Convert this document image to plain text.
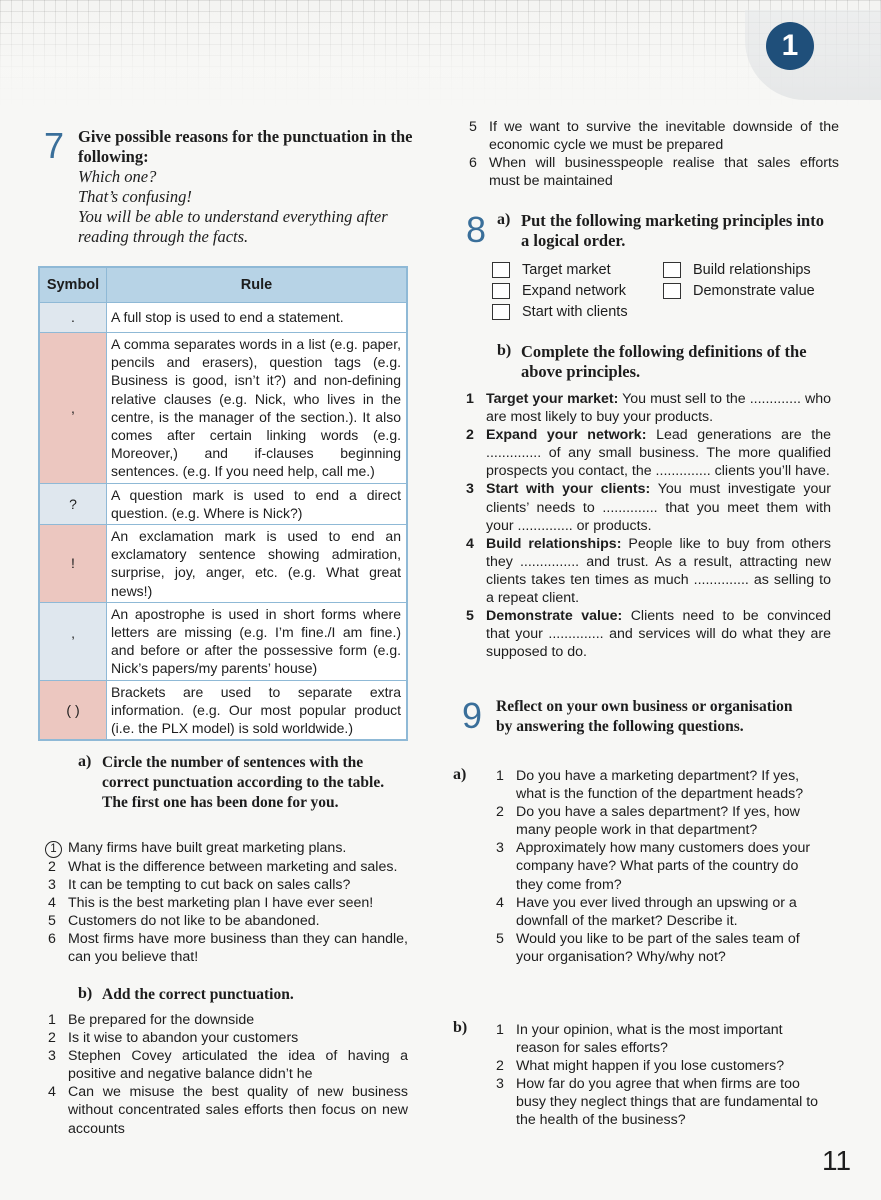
1
7 Give possible reasons for the punctuation in the following:
Which one?
That’s confusing!
You will be able to understand everything after reading through the facts.
Symbol	Rule
.	A full stop is used to end a statement.
,	A comma separates words in a list (e.g. paper, pencils and erasers), question tags (e.g. Business is good, isn’t it?) and non-defining relative clauses (e.g. Nick, who lives in the centre, is the manager of the section.). It also comes after certain linking words (e.g. Moreover,) and if-clauses beginning sentences. (e.g. If you need help, call me.)
?	A question mark is used to end a direct question. (e.g. Where is Nick?)
!	An exclamation mark is used to end an exclamatory sentence showing admiration, surprise, joy, anger, etc. (e.g. What great news!)
’	An apostrophe is used in short forms where letters are missing (e.g. I’m fine./I am fine.) and before or after the possessive form (e.g. Nick’s papers/my parents’ house)
( )	Brackets are used to separate extra information. (e.g. Our most popular product (i.e. the PLX model) is sold worldwide.)
a) Circle the number of sentences with the correct punctuation according to the table. The first one has been done for you.
1 Many firms have built great marketing plans.
2 What is the difference between marketing and sales.
3 It can be tempting to cut back on sales calls?
4 This is the best marketing plan I have ever seen!
5 Customers do not like to be abandoned.
6 Most firms have more business than they can handle, can you believe that!
b) Add the correct punctuation.
1 Be prepared for the downside
2 Is it wise to abandon your customers
3 Stephen Covey articulated the idea of having a positive and negative balance didn’t he
4 Can we misuse the best quality of new business without concentrated sales efforts then focus on new accounts
5 If we want to survive the inevitable downside of the economic cycle we must be prepared
6 When will businesspeople realise that sales efforts must be maintained
8 a) Put the following marketing principles into a logical order.
Target market
Expand network
Start with clients
Build relationships
Demonstrate value
b) Complete the following definitions of the above principles.
1 Target your market: You must sell to the ............. who are most likely to buy your products.
2 Expand your network: Lead generations are the .............. of any small business. The more qualified prospects you contact, the .............. clients you’ll have.
3 Start with your clients: You must investigate your clients’ needs to .............. that you meet them with your .............. or products.
4 Build relationships: People like to buy from others they ............... and trust. As a result, attracting new clients takes ten times as much .............. as selling to a repeat client.
5 Demonstrate value: Clients need to be convinced that your .............. and services will do what they are supposed to do.
9 Reflect on your own business or organisation by answering the following questions.
a) 1 Do you have a marketing department? If yes, what is the function of the department heads?
2 Do you have a sales department? If yes, how many people work in that department?
3 Approximately how many customers does your company have? What parts of the country do they come from?
4 Have you ever lived through an upswing or a downfall of the market? Describe it.
5 Would you like to be part of the sales team of your organisation? Why/why not?
b) 1 In your opinion, what is the most important reason for sales efforts?
2 What might happen if you lose customers?
3 How far do you agree that when firms are too busy they neglect things that are fundamental to the health of the business?
11
